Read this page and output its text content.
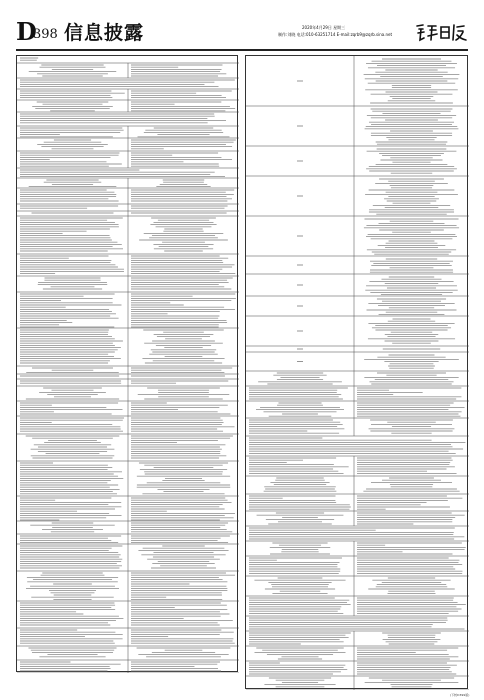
D
398 信息披露	2020年4月29日 星期三
制作:刘晓 电话:010-63251714 E-mail:zqrb9@zqrb.sina.net
(下转D399版)
